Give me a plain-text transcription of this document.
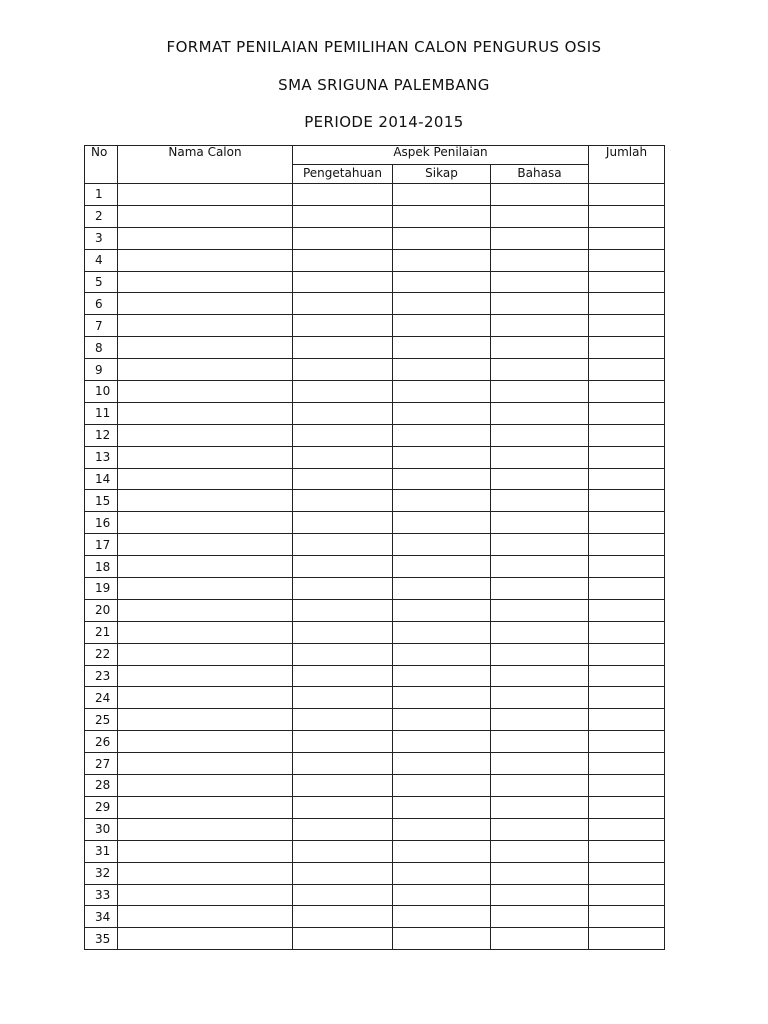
FORMAT PENILAIAN PEMILIHAN CALON PENGURUS OSIS
SMA SRIGUNA PALEMBANG
PERIODE 2014-2015
No	Nama Calon	Aspek Penilaian			Jumlah
		Pengetahuan	Sikap	Bahasa	
1					
2					
3					
4					
5					
6					
7					
8					
9					
10					
11					
12					
13					
14					
15					
16					
17					
18					
19					
20					
21					
22					
23					
24					
25					
26					
27					
28					
29					
30					
31					
32					
33					
34					
35					
